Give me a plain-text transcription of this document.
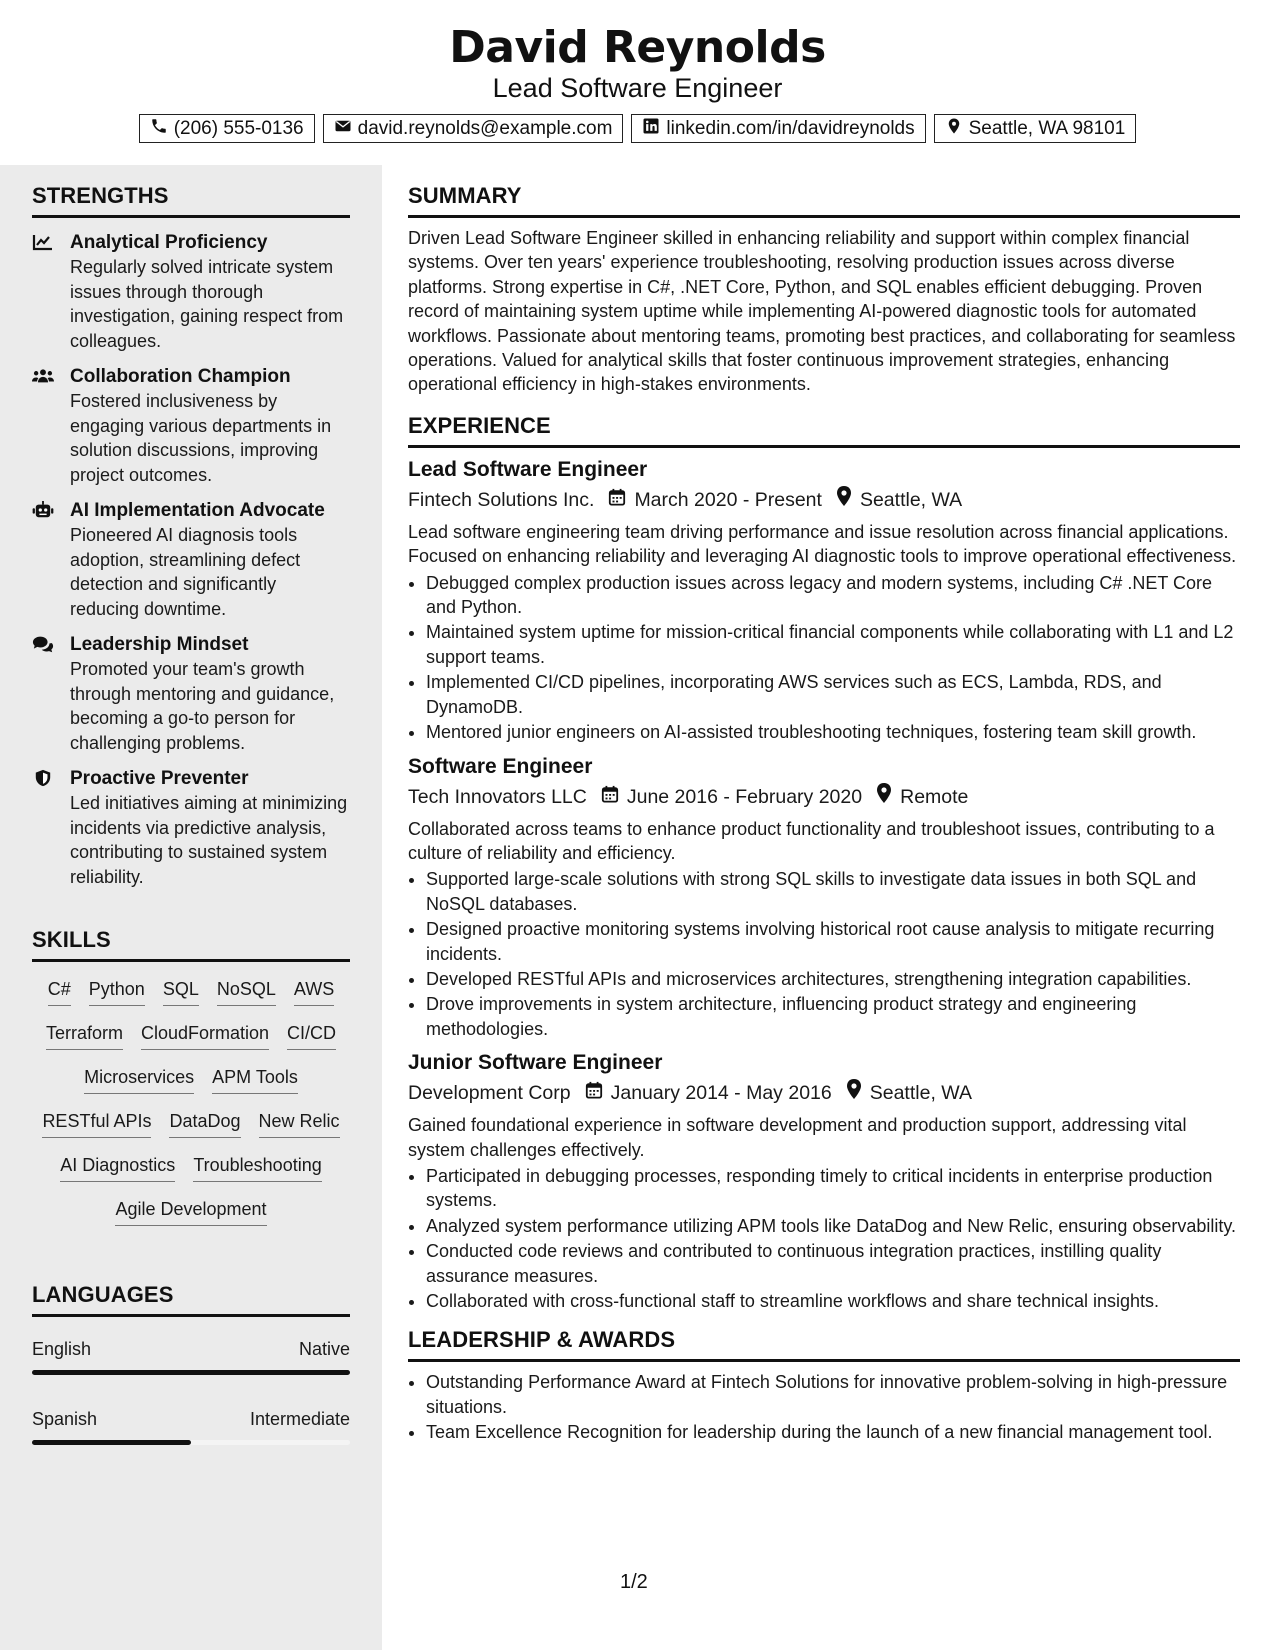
David Reynolds
Lead Software Engineer
(206) 555-0136	david.reynolds@example.com	linkedin.com/in/davidreynolds	Seattle, WA 98101
STRENGTHS
Analytical Proficiency
Regularly solved intricate system issues through thorough investigation, gaining respect from colleagues.
Collaboration Champion
Fostered inclusiveness by engaging various departments in solution discussions, improving project outcomes.
AI Implementation Advocate
Pioneered AI diagnosis tools adoption, streamlining defect detection and significantly reducing downtime.
Leadership Mindset
Promoted your team's growth through mentoring and guidance, becoming a go-to person for challenging problems.
Proactive Preventer
Led initiatives aiming at minimizing incidents via predictive analysis, contributing to sustained system reliability.
SKILLS
C# Python SQL NoSQL AWS
Terraform CloudFormation CI/CD
Microservices APM Tools
RESTful APIs DataDog New Relic
AI Diagnostics Troubleshooting
Agile Development
LANGUAGES
English	Native
Spanish	Intermediate
SUMMARY
Driven Lead Software Engineer skilled in enhancing reliability and support within complex financial systems. Over ten years' experience troubleshooting, resolving production issues across diverse platforms. Strong expertise in C#, .NET Core, Python, and SQL enables efficient debugging. Proven record of maintaining system uptime while implementing AI-powered diagnostic tools for automated workflows. Passionate about mentoring teams, promoting best practices, and collaborating for seamless operations. Valued for analytical skills that foster continuous improvement strategies, enhancing operational efficiency in high-stakes environments.
EXPERIENCE
Lead Software Engineer
Fintech Solutions Inc. March 2020 - Present Seattle, WA
Lead software engineering team driving performance and issue resolution across financial applications. Focused on enhancing reliability and leveraging AI diagnostic tools to improve operational effectiveness.
• Debugged complex production issues across legacy and modern systems, including C# .NET Core and Python.
• Maintained system uptime for mission-critical financial components while collaborating with L1 and L2 support teams.
• Implemented CI/CD pipelines, incorporating AWS services such as ECS, Lambda, RDS, and DynamoDB.
• Mentored junior engineers on AI-assisted troubleshooting techniques, fostering team skill growth.
Software Engineer
Tech Innovators LLC June 2016 - February 2020 Remote
Collaborated across teams to enhance product functionality and troubleshoot issues, contributing to a culture of reliability and efficiency.
• Supported large-scale solutions with strong SQL skills to investigate data issues in both SQL and NoSQL databases.
• Designed proactive monitoring systems involving historical root cause analysis to mitigate recurring incidents.
• Developed RESTful APIs and microservices architectures, strengthening integration capabilities.
• Drove improvements in system architecture, influencing product strategy and engineering methodologies.
Junior Software Engineer
Development Corp January 2014 - May 2016 Seattle, WA
Gained foundational experience in software development and production support, addressing vital system challenges effectively.
• Participated in debugging processes, responding timely to critical incidents in enterprise production systems.
• Analyzed system performance utilizing APM tools like DataDog and New Relic, ensuring observability.
• Conducted code reviews and contributed to continuous integration practices, instilling quality assurance measures.
• Collaborated with cross-functional staff to streamline workflows and share technical insights.
LEADERSHIP & AWARDS
• Outstanding Performance Award at Fintech Solutions for innovative problem-solving in high-pressure situations.
• Team Excellence Recognition for leadership during the launch of a new financial management tool.
1/2
